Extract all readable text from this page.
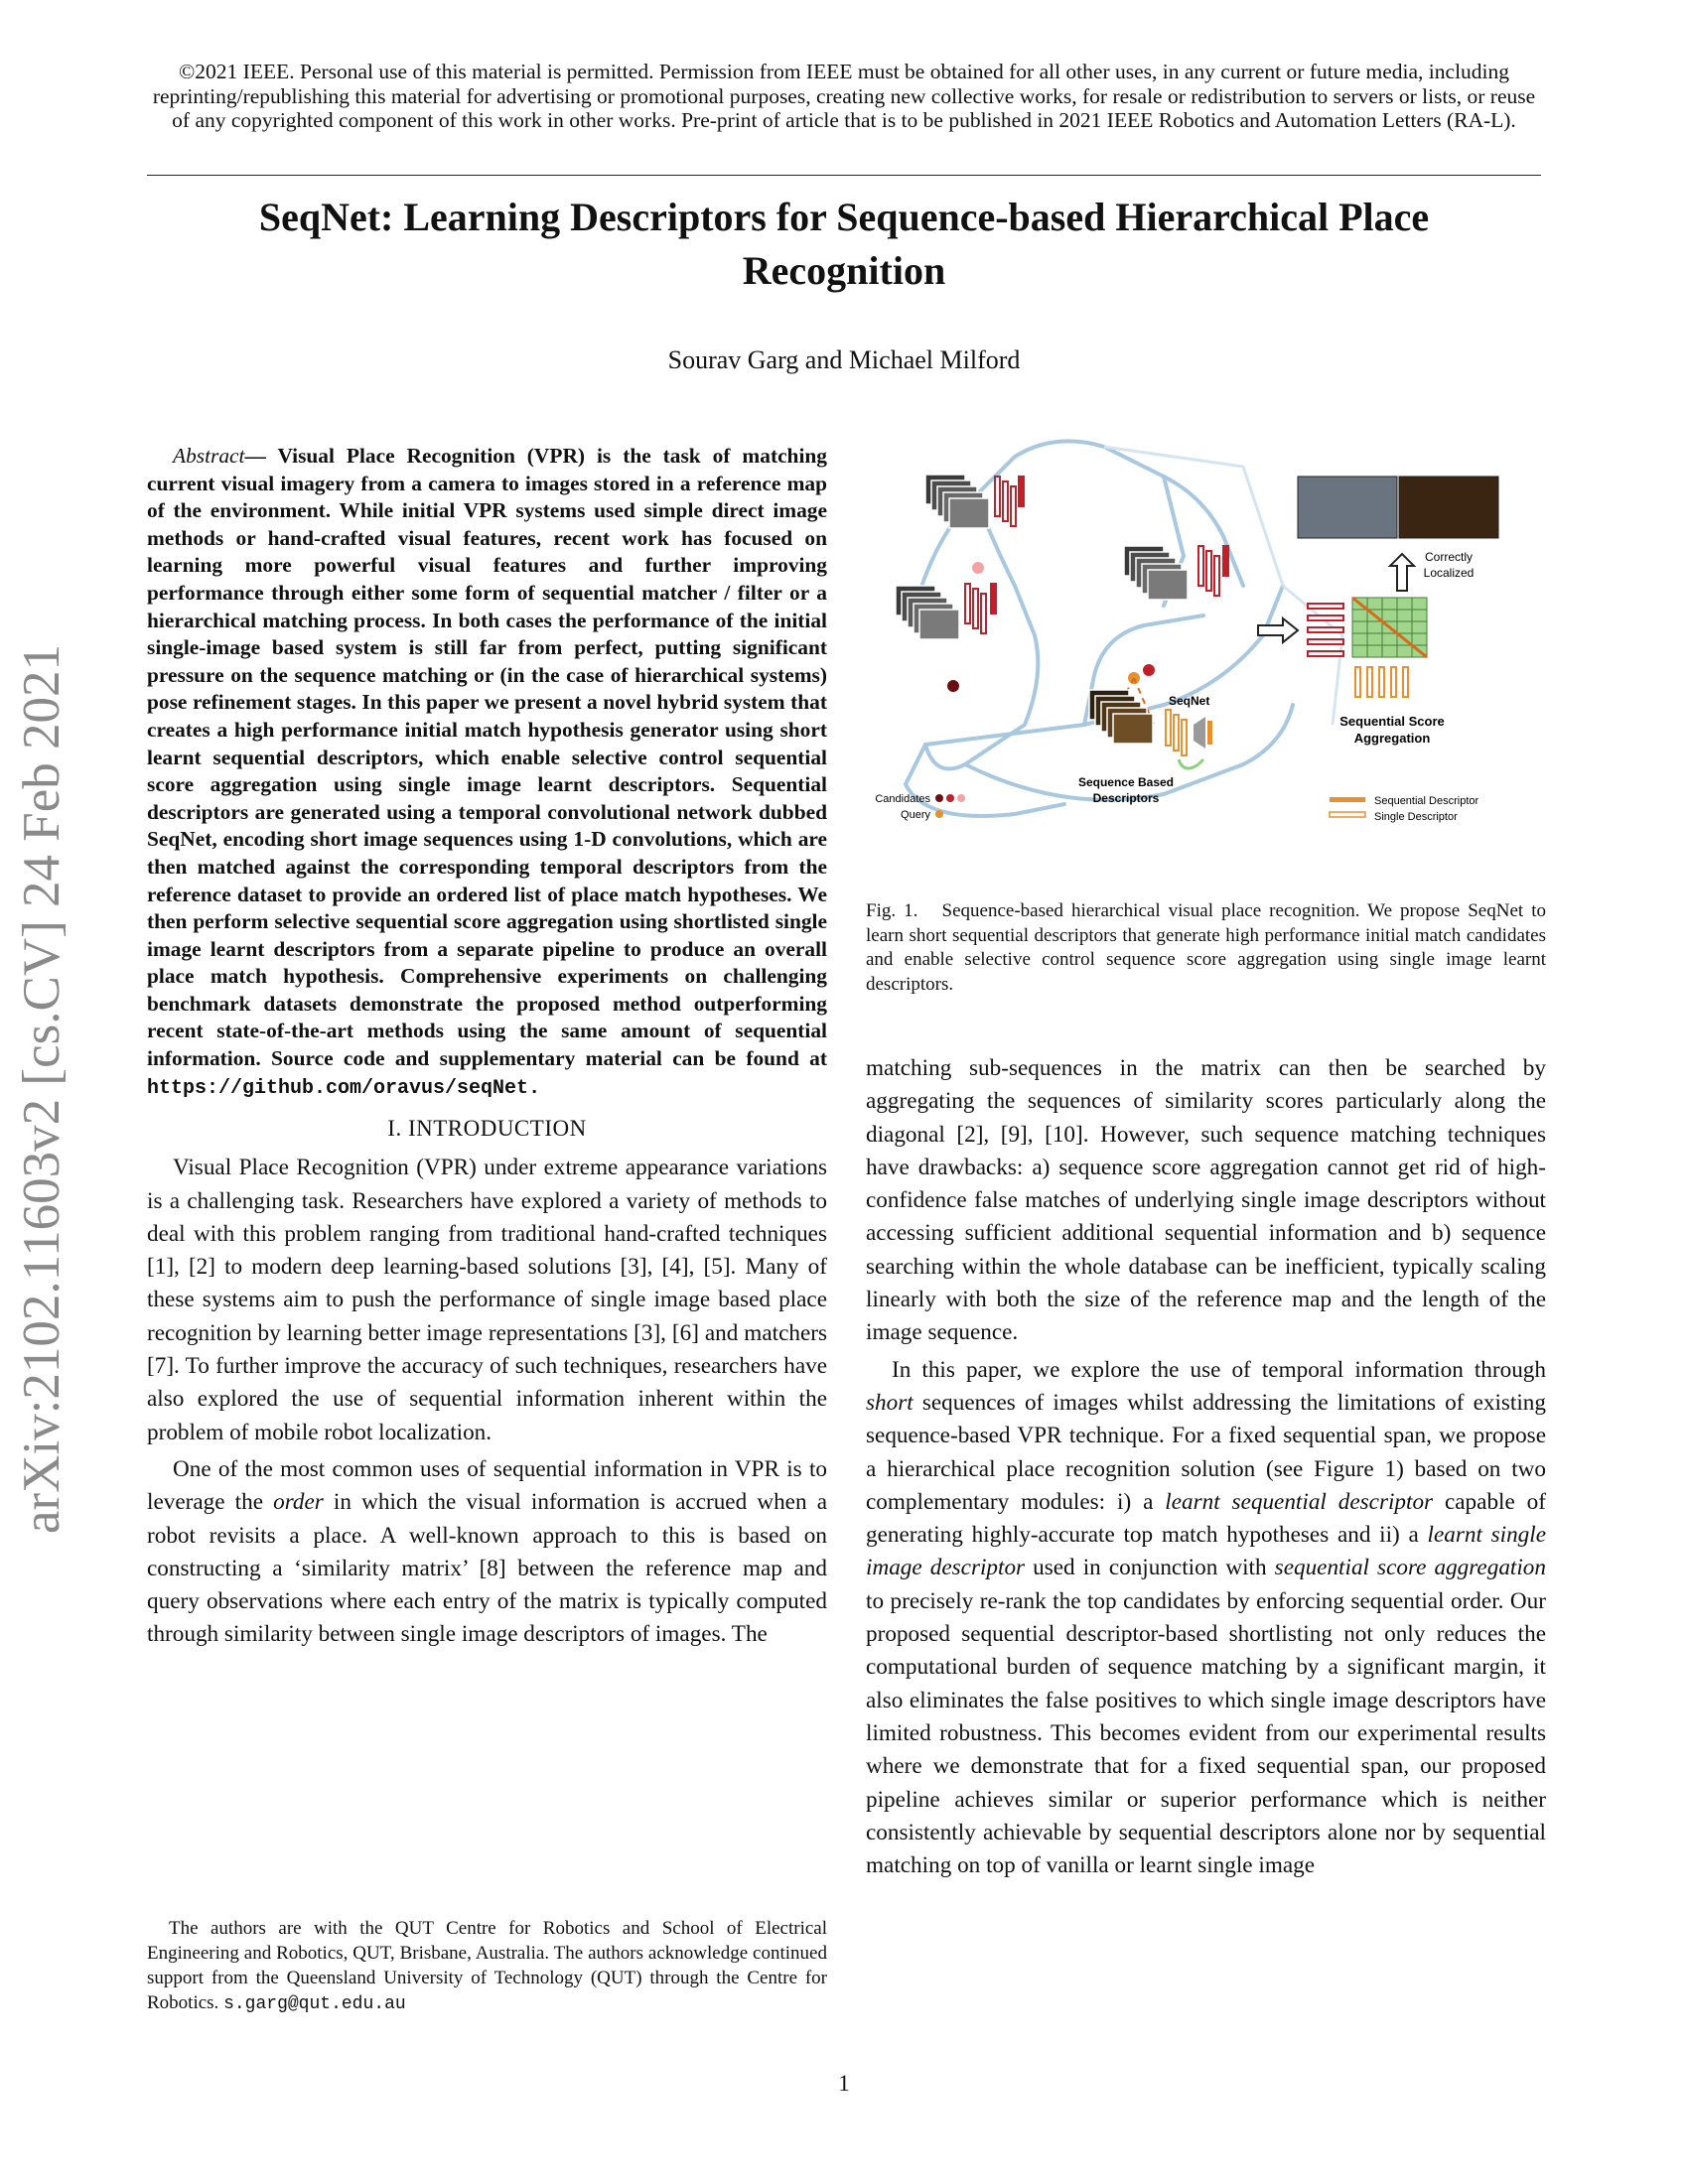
©2021 IEEE. Personal use of this material is permitted. Permission from IEEE must be obtained for all other uses, in any current or future media, including reprinting/republishing this material for advertising or promotional purposes, creating new collective works, for resale or redistribution to servers or lists, or reuse of any copyrighted component of this work in other works. Pre-print of article that is to be published in 2021 IEEE Robotics and Automation Letters (RA-L).
SeqNet: Learning Descriptors for Sequence-based Hierarchical Place
Recognition
Sourav Garg and Michael Milford
arXiv:2102.11603v2 [cs.CV] 24 Feb 2021

Abstract— Visual Place Recognition (VPR) is the task of matching current visual imagery from a camera to images stored in a reference map of the environment. While initial VPR systems used simple direct image methods or hand-crafted visual features, recent work has focused on learning more powerful visual features and further improving performance through either some form of sequential matcher / filter or a hierarchical matching process. In both cases the performance of the initial single-image based system is still far from perfect, putting significant pressure on the sequence matching or (in the case of hierarchical systems) pose refinement stages. In this paper we present a novel hybrid system that creates a high performance initial match hypothesis generator using short learnt sequential descriptors, which enable selective control sequential score aggregation using single image learnt descriptors. Sequential descriptors are generated using a temporal convolutional network dubbed SeqNet, encoding short image sequences using 1-D convolutions, which are then matched against the corresponding temporal descriptors from the reference dataset to provide an ordered list of place match hypotheses. We then perform selective sequential score aggregation using shortlisted single image learnt descriptors from a separate pipeline to produce an overall place match hypothesis. Comprehensive experiments on challenging benchmark datasets demonstrate the proposed method outperforming recent state-of-the-art methods using the same amount of sequential information. Source code and supplementary material can be found at https://github.com/oravus/seqNet.

I. INTRODUCTION

Visual Place Recognition (VPR) under extreme appearance variations is a challenging task. Researchers have explored a variety of methods to deal with this problem ranging from traditional hand-crafted techniques [1], [2] to modern deep learning-based solutions [3], [4], [5]. Many of these systems aim to push the performance of single image based place recognition by learning better image representations [3], [6] and matchers [7]. To further improve the accuracy of such techniques, researchers have also explored the use of sequential information inherent within the problem of mobile robot localization.

One of the most common uses of sequential information in VPR is to leverage the order in which the visual information is accrued when a robot revisits a place. A well-known approach to this is based on constructing a ‘similarity matrix’ [8] between the reference map and query observations where each entry of the matrix is typically computed through similarity between single image descriptors of images. The

The authors are with the QUT Centre for Robotics and School of Electrical Engineering and Robotics, QUT, Brisbane, Australia. The authors acknowledge continued support from the Queensland University of Technology (QUT) through the Centre for Robotics. s.garg@qut.edu.au
SeqNet
Sequence Based
Descriptors
Correctly
Localized
Sequential Score
Aggregation
Candidates
Query
Sequential Descriptor
Single Descriptor
Fig. 1. Sequence-based hierarchical visual place recognition. We propose SeqNet to learn short sequential descriptors that generate high performance initial match candidates and enable selective control sequence score aggregation using single image learnt descriptors.

matching sub-sequences in the matrix can then be searched by aggregating the sequences of similarity scores particularly along the diagonal [2], [9], [10]. However, such sequence matching techniques have drawbacks: a) sequence score aggregation cannot get rid of high-confidence false matches of underlying single image descriptors without accessing sufficient additional sequential information and b) sequence searching within the whole database can be inefficient, typically scaling linearly with both the size of the reference map and the length of the image sequence.

In this paper, we explore the use of temporal information through short sequences of images whilst addressing the limitations of existing sequence-based VPR technique. For a fixed sequential span, we propose a hierarchical place recognition solution (see Figure 1) based on two complementary modules: i) a learnt sequential descriptor capable of generating highly-accurate top match hypotheses and ii) a learnt single image descriptor used in conjunction with sequential score aggregation to precisely re-rank the top candidates by enforcing sequential order. Our proposed sequential descriptor-based shortlisting not only reduces the computational burden of sequence matching by a significant margin, it also eliminates the false positives to which single image descriptors have limited robustness. This becomes evident from our experimental results where we demonstrate that for a fixed sequential span, our proposed pipeline achieves similar or superior performance which is neither consistently achievable by sequential descriptors alone nor by sequential matching on top of vanilla or learnt single image

1
